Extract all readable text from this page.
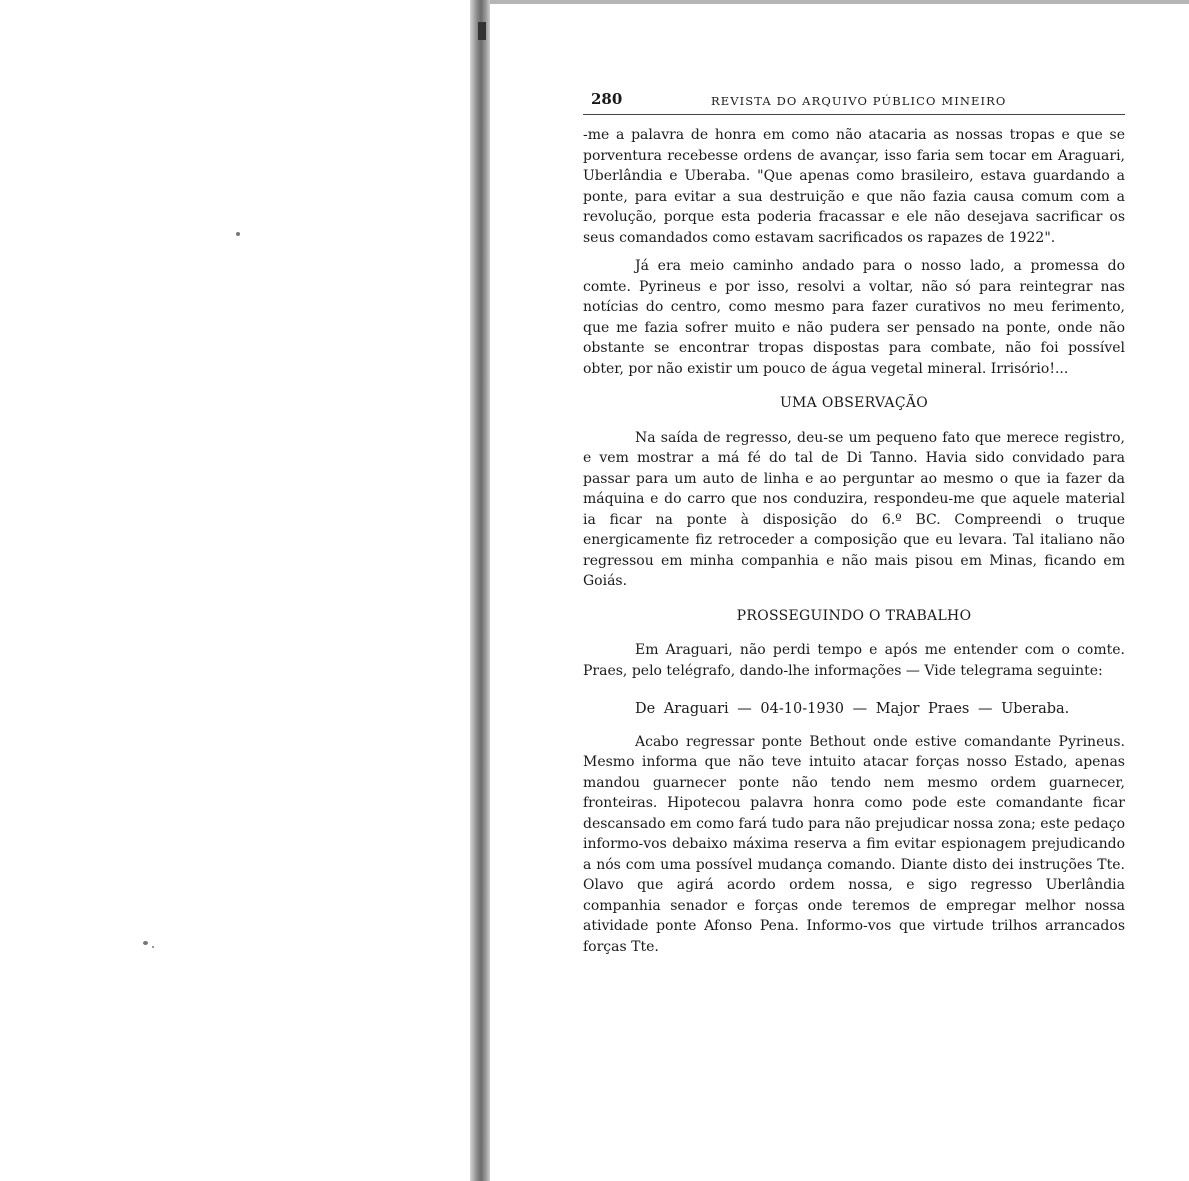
280	REVISTA DO ARQUIVO PÚBLICO MINEIRO

-me a palavra de honra em como não atacaria as nossas tropas e que se porventura recebesse ordens de avançar, isso faria sem tocar em Araguari, Uberlândia e Uberaba. "Que apenas como brasileiro, estava guardando a ponte, para evitar a sua destruição e que não fazia causa comum com a revolução, porque esta poderia fracassar e ele não desejava sacrificar os seus comandados como estavam sacrificados os rapazes de 1922".

Já era meio caminho andado para o nosso lado, a promessa do comte. Pyrineus e por isso, resolvi a voltar, não só para reintegrar nas notícias do centro, como mesmo para fazer curativos no meu ferimento, que me fazia sofrer muito e não pudera ser pensado na ponte, onde não obstante se encontrar tropas dispostas para combate, não foi possível obter, por não existir um pouco de água vegetal mineral. Irrisório!...

UMA OBSERVAÇÃO

Na saída de regresso, deu-se um pequeno fato que merece registro, e vem mostrar a má fé do tal de Di Tanno. Havia sido convidado para passar para um auto de linha e ao perguntar ao mesmo o que ia fazer da máquina e do carro que nos conduzira, respondeu-me que aquele material ia ficar na ponte à disposição do 6.º BC. Compreendi o truque energicamente fiz retroceder a composição que eu levara. Tal italiano não regressou em minha companhia e não mais pisou em Minas, ficando em Goiás.

PROSSEGUINDO O TRABALHO

Em Araguari, não perdi tempo e após me entender com o comte. Praes, pelo telégrafo, dando-lhe informações — Vide telegrama seguinte:

De Araguari — 04-10-1930 — Major Praes — Uberaba.

Acabo regressar ponte Bethout onde estive comandante Pyrineus. Mesmo informa que não teve intuito atacar forças nosso Estado, apenas mandou guarnecer ponte não tendo nem mesmo ordem guarnecer, fronteiras. Hipotecou palavra honra como pode este comandante ficar descansado em como fará tudo para não prejudicar nossa zona; este pedaço informo-vos debaixo máxima reserva a fim evitar espionagem prejudicando a nós com uma possível mudança comando. Diante disto dei instruções Tte. Olavo que agirá acordo ordem nossa, e sigo regresso Uberlândia companhia senador e forças onde teremos de empregar melhor nossa atividade ponte Afonso Pena. Informo-vos que virtude trilhos arrancados forças Tte.
